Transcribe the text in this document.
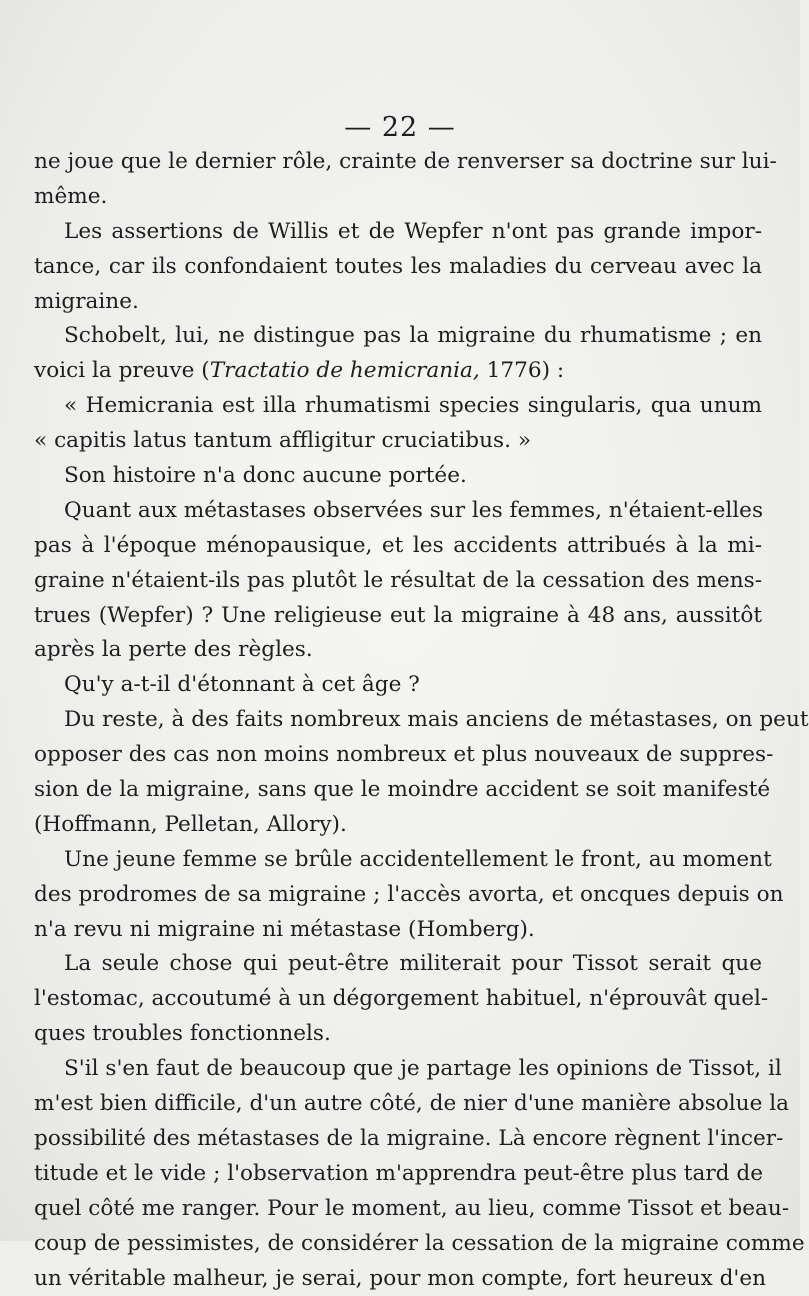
— 22 —
ne joue que le dernier rôle, crainte de renverser sa doctrine sur lui-
même.
Les assertions de Willis et de Wepfer n'ont pas grande impor-
tance, car ils confondaient toutes les maladies du cerveau avec la
migraine.
Schobelt, lui, ne distingue pas la migraine du rhumatisme ; en
voici la preuve (Tractatio de hemicrania, 1776) :
« Hemicrania est illa rhumatismi species singularis, qua unum
« capitis latus tantum affligitur cruciatibus. »
Son histoire n'a donc aucune portée.
Quant aux métastases observées sur les femmes, n'étaient-elles
pas à l'époque ménopausique, et les accidents attribués à la mi-
graine n'étaient-ils pas plutôt le résultat de la cessation des mens-
trues (Wepfer) ? Une religieuse eut la migraine à 48 ans, aussitôt
après la perte des règles.
Qu'y a-t-il d'étonnant à cet âge ?
Du reste, à des faits nombreux mais anciens de métastases, on peut
opposer des cas non moins nombreux et plus nouveaux de suppres-
sion de la migraine, sans que le moindre accident se soit manifesté
(Hoffmann, Pelletan, Allory).
Une jeune femme se brûle accidentellement le front, au moment
des prodromes de sa migraine ; l'accès avorta, et oncques depuis on
n'a revu ni migraine ni métastase (Homberg).
La seule chose qui peut-être militerait pour Tissot serait que
l'estomac, accoutumé à un dégorgement habituel, n'éprouvât quel-
ques troubles fonctionnels.
S'il s'en faut de beaucoup que je partage les opinions de Tissot, il
m'est bien difficile, d'un autre côté, de nier d'une manière absolue la
possibilité des métastases de la migraine. Là encore règnent l'incer-
titude et le vide ; l'observation m'apprendra peut-être plus tard de
quel côté me ranger. Pour le moment, au lieu, comme Tissot et beau-
coup de pessimistes, de considérer la cessation de la migraine comme
un véritable malheur, je serai, pour mon compte, fort heureux d'en
